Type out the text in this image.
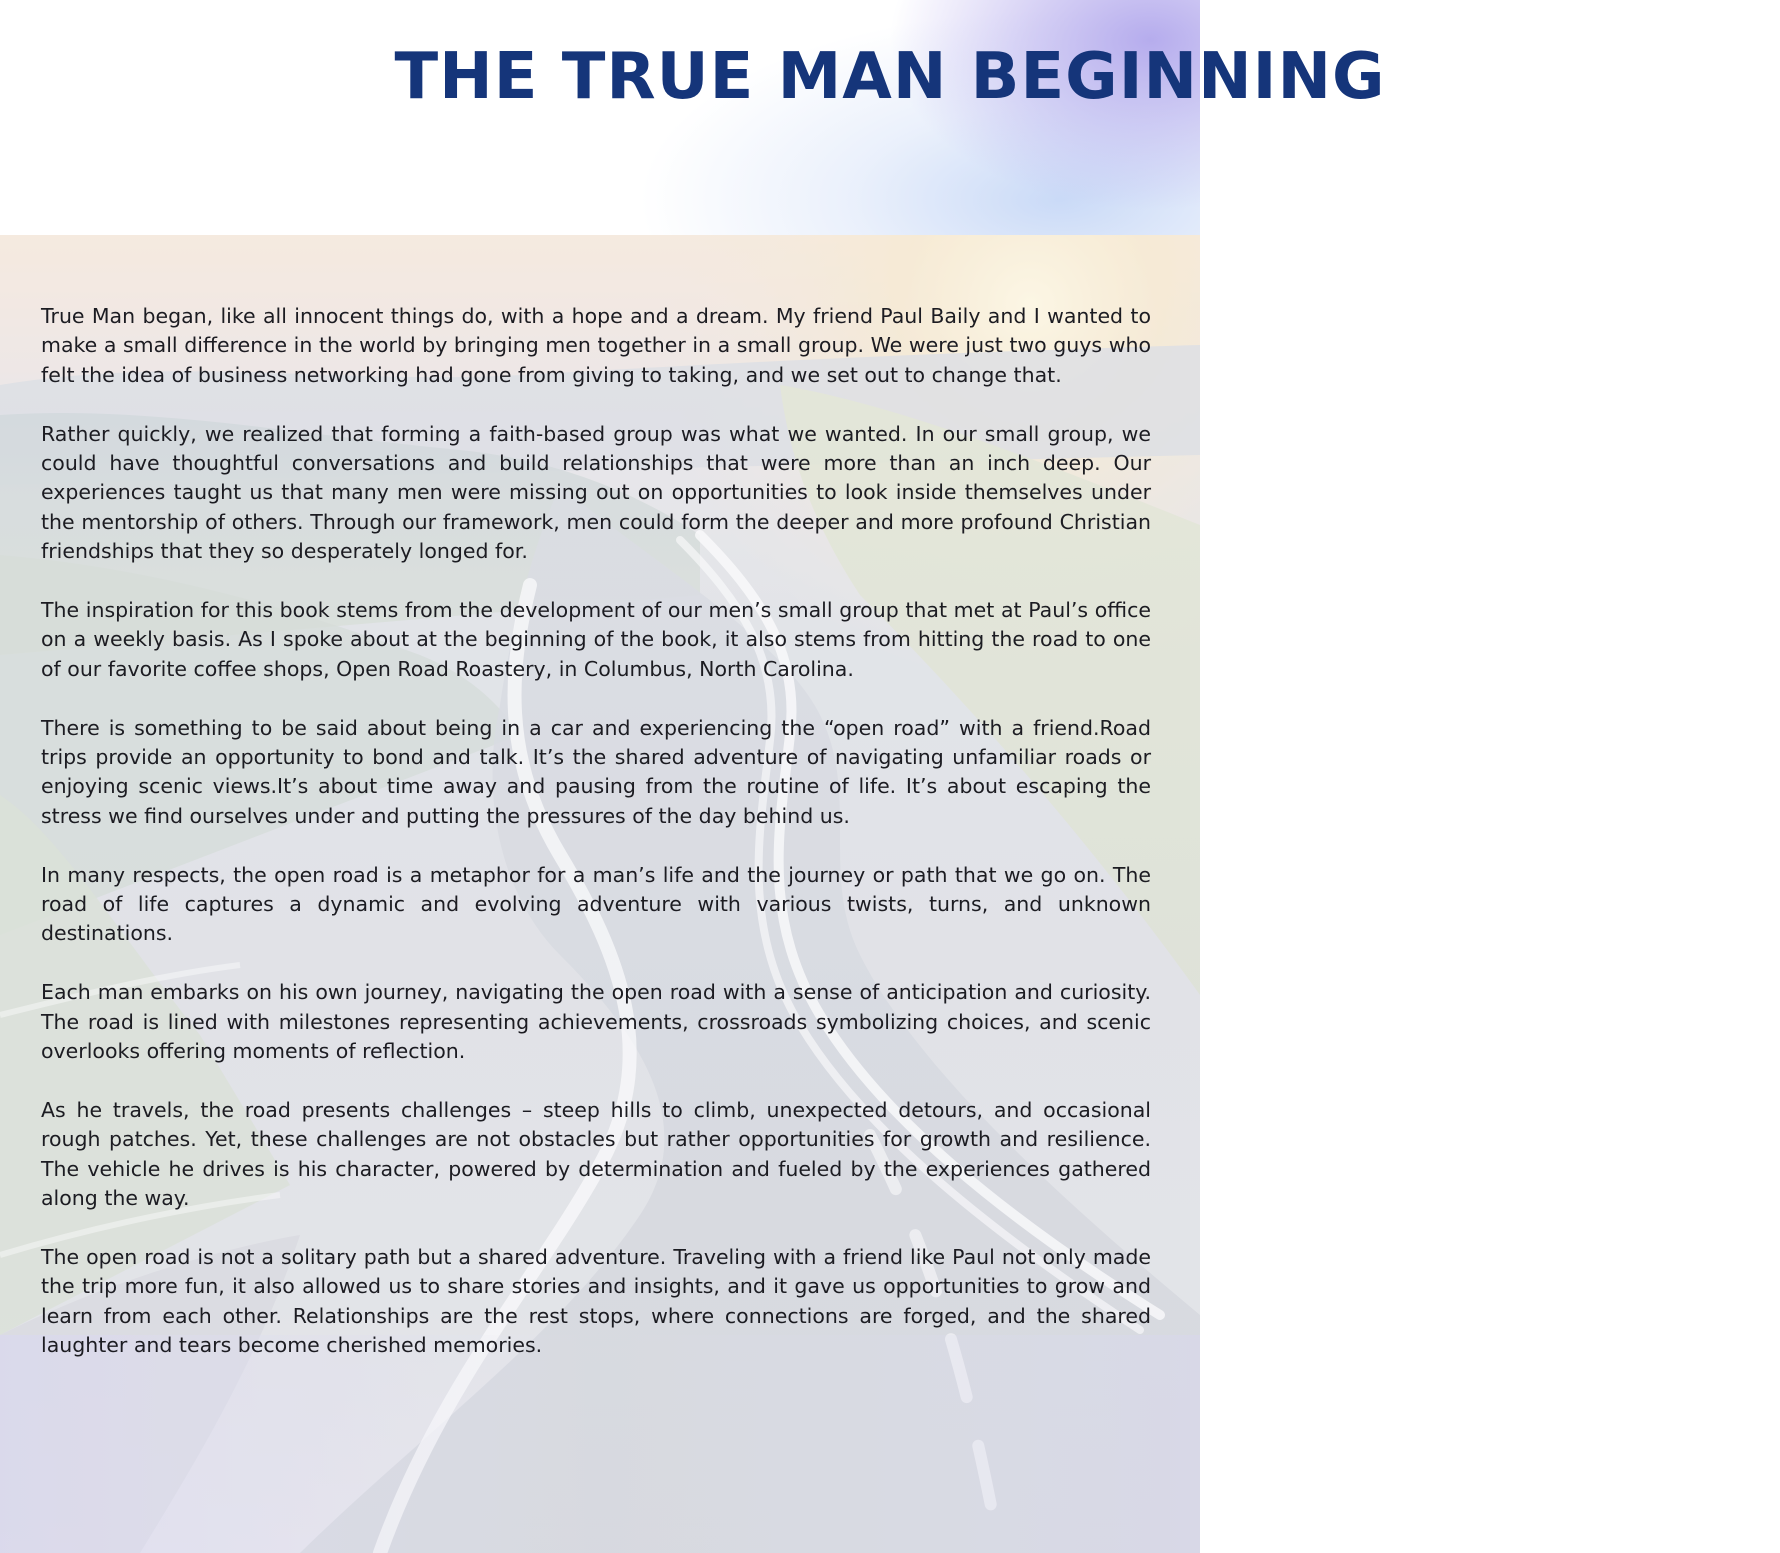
THE TRUE MAN BEGINNING

True Man began, like all innocent things do, with a hope and a dream. My friend Paul Baily and I wanted to make a small difference in the world by bringing men together in a small group. We were just two guys who felt the idea of business networking had gone from giving to taking, and we set out to change that.

Rather quickly, we realized that forming a faith-based group was what we wanted. In our small group, we could have thoughtful conversations and build relationships that were more than an inch deep. Our experiences taught us that many men were missing out on opportunities to look inside themselves under the mentorship of others. Through our framework, men could form the deeper and more profound Christian friendships that they so desperately longed for.

The inspiration for this book stems from the development of our men’s small group that met at Paul’s office on a weekly basis. As I spoke about at the beginning of the book, it also stems from hitting the road to one of our favorite coffee shops, Open Road Roastery, in Columbus, North Carolina.

There is something to be said about being in a car and experiencing the “open road” with a friend.Road trips provide an opportunity to bond and talk. It’s the shared adventure of navigating unfamiliar roads or enjoying scenic views.It’s about time away and pausing from the routine of life. It’s about escaping the stress we find ourselves under and putting the pressures of the day behind us.

In many respects, the open road is a metaphor for a man’s life and the journey or path that we go on. The road of life captures a dynamic and evolving adventure with various twists, turns, and unknown destinations.

Each man embarks on his own journey, navigating the open road with a sense of anticipation and curiosity. The road is lined with milestones representing achievements, crossroads symbolizing choices, and scenic overlooks offering moments of reflection.

As he travels, the road presents challenges – steep hills to climb, unexpected detours, and occasional rough patches. Yet, these challenges are not obstacles but rather opportunities for growth and resilience. The vehicle he drives is his character, powered by determination and fueled by the experiences gathered along the way.

The open road is not a solitary path but a shared adventure. Traveling with a friend like Paul not only made the trip more fun, it also allowed us to share stories and insights, and it gave us opportunities to grow and learn from each other. Relationships are the rest stops, where connections are forged, and the shared laughter and tears become cherished memories.
